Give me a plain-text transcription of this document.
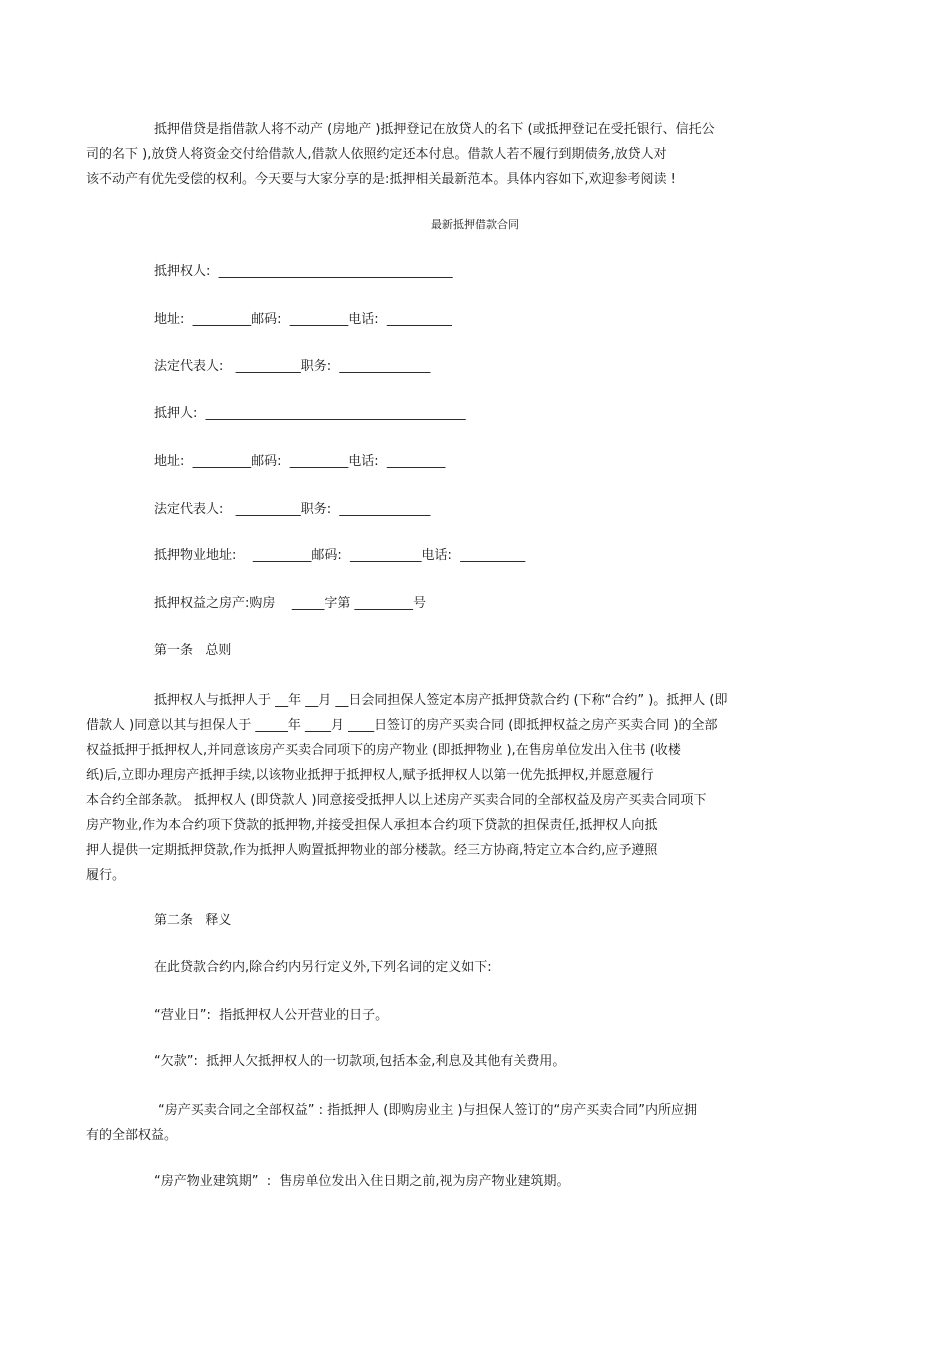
抵押借贷是指借款人将不动产 (房地产 )抵押登记在放贷人的名下 (或抵押登记在受托银行、信托公
司的名下 ),放贷人将资金交付给借款人,借款人依照约定还本付息。借款人若不履行到期债务,放贷人对
该不动产有优先受偿的权利。今天要与大家分享的是:抵押相关最新范本。具体内容如下,欢迎参考阅读 !
最新抵押借款合同
抵押权人:  ____________________________________
地址:  _________邮码:  _________电话:  __________
法定代表人:   __________职务:  ______________
抵押人:  ________________________________________
地址:  _________邮码:  _________电话:  _________
法定代表人:   __________职务:  ______________
抵押物业地址:    _________邮码:  ___________电话:  __________
抵押权益之房产:购房    _____字第 _________号
第一条   总则
抵押权人与抵押人于 __年 __月 __日会同担保人签定本房产抵押贷款合约 (下称“合约” )。抵押人 (即
借款人 )同意以其与担保人于 _____年 ____月 ____日签订的房产买卖合同 (即抵押权益之房产买卖合同 )的全部
权益抵押于抵押权人,并同意该房产买卖合同项下的房产物业 (即抵押物业 ),在售房单位发出入住书 (收楼
纸)后,立即办理房产抵押手续,以该物业抵押于抵押权人,赋予抵押权人以第一优先抵押权,并愿意履行
本合约全部条款。 抵押权人 (即贷款人 )同意接受抵押人以上述房产买卖合同的全部权益及房产买卖合同项下
房产物业,作为本合约项下贷款的抵押物,并接受担保人承担本合约项下贷款的担保责任,抵押权人向抵
押人提供一定期抵押贷款,作为抵押人购置抵押物业的部分楼款。经三方协商,特定立本合约,应予遵照
履行。
第二条   释义
在此贷款合约内,除合约内另行定义外,下列名词的定义如下:
“营业日”:  指抵押权人公开营业的日子。
“欠款”:  抵押人欠抵押权人的一切款项,包括本金,利息及其他有关费用。
“房产买卖合同之全部权益” : 指抵押人 (即购房业主 )与担保人签订的“房产买卖合同”内所应拥
有的全部权益。
“房产物业建筑期”  :  售房单位发出入住日期之前,视为房产物业建筑期。
